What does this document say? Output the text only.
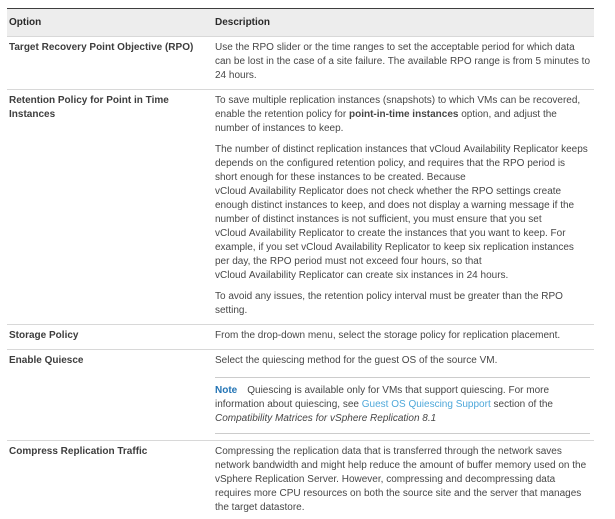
Option	Description
Target Recovery Point Objective (RPO)	Use the RPO slider or the time ranges to set the acceptable period for which data can be lost in the case of a site failure. The available RPO range is from 5 minutes to 24 hours.

Retention Policy for Point in Time Instances	To save multiple replication instances (snapshots) to which VMs can be recovered, enable the retention policy for point-in-time instances option, and adjust the number of instances to keep.

The number of distinct replication instances that vCloud Availability Replicator keeps depends on the configured retention policy, and requires that the RPO period is short enough for these instances to be created. Because vCloud Availability Replicator does not check whether the RPO settings create enough distinct instances to keep, and does not display a warning message if the number of distinct instances is not sufficient, you must ensure that you set vCloud Availability Replicator to create the instances that you want to keep. For example, if you set vCloud Availability Replicator to keep six replication instances per day, the RPO period must not exceed four hours, so that vCloud Availability Replicator can create six instances in 24 hours.

To avoid any issues, the retention policy interval must be greater than the RPO setting.

Storage Policy	From the drop-down menu, select the storage policy for replication placement.

Enable Quiesce	Select the quiescing method for the guest OS of the source VM.

Note Quiescing is available only for VMs that support quiescing. For more information about quiescing, see Guest OS Quiescing Support section of the Compatibility Matrices for vSphere Replication 8.1

Compress Replication Traffic	Compressing the replication data that is transferred through the network saves network bandwidth and might help reduce the amount of buffer memory used on the vSphere Replication Server. However, compressing and decompressing data requires more CPU resources on both the source site and the server that manages the target datastore.
